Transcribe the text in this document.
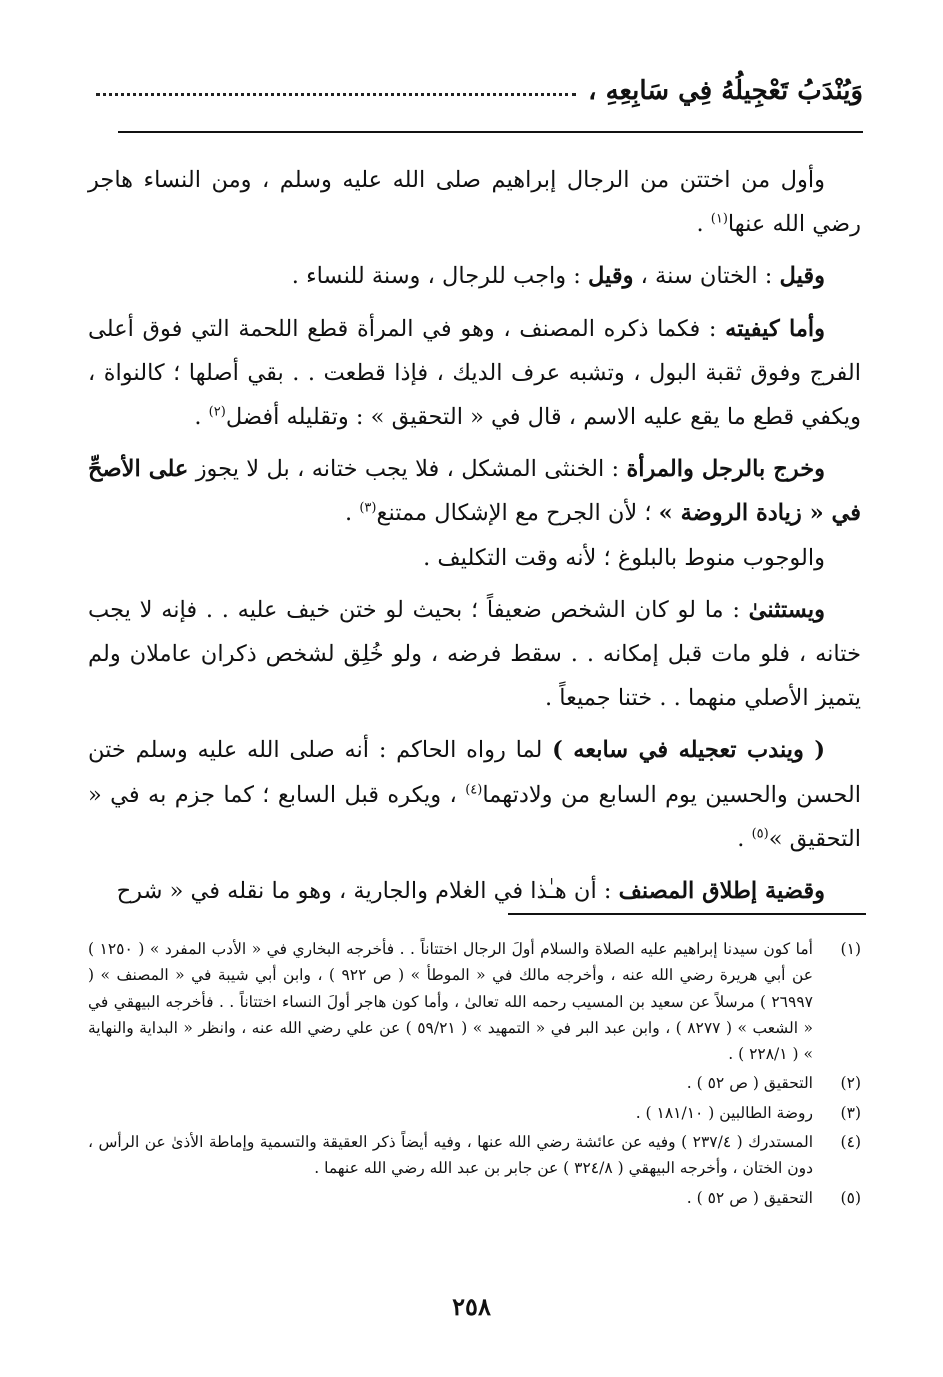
وَيُنْدَبُ تَعْجِيلُهُ فِي سَابِعِهِ ،

وأول من اختتن من الرجال إبراهيم صلى الله عليه وسلم ، ومن النساء هاجر رضي الله عنها$^{(١)}$ .

وقيل : الختان سنة ، وقيل : واجب للرجال ، وسنة للنساء .

وأما كيفيته : فكما ذكره المصنف ، وهو في المرأة قطع اللحمة التي فوق أعلى الفرج وفوق ثقبة البول ، وتشبه عرف الديك ، فإذا قطعت . . بقي أصلها ؛ كالنواة ، ويكفي قطع ما يقع عليه الاسم ، قال في « التحقيق » : وتقليله أفضل$^{(٢)}$ .

وخرج بالرجل والمرأة : الخنثى المشكل ، فلا يجب ختانه ، بل لا يجوز على الأصحِّ في « زيادة الروضة » ؛ لأن الجرح مع الإشكال ممتنع$^{(٣)}$ .

والوجوب منوط بالبلوغ ؛ لأنه وقت التكليف .

ويستثنىٰ : ما لو كان الشخص ضعيفاً ؛ بحيث لو ختن خيف عليه . . فإنه لا يجب ختانه ، فلو مات قبل إمكانه . . سقط فرضه ، ولو خُلِق لشخص ذكران عاملان ولم يتميز الأصلي منهما . . ختنا جميعاً .

( ويندب تعجيله في سابعه ) لما رواه الحاكم : أنه صلى الله عليه وسلم ختن الحسن والحسين يوم السابع من ولادتهما$^{(٤)}$ ، ويكره قبل السابع ؛ كما جزم به في « التحقيق »$^{(٥)}$ .

وقضية إطلاق المصنف : أن هـٰذا في الغلام والجارية ، وهو ما نقله في « شرح

(١)
أما كون سيدنا إبراهيم عليه الصلاة والسلام أولَ الرجال اختتاناً . . فأخرجه البخاري في « الأدب المفرد » ( ١٢٥٠ ) عن أبي هريرة رضي الله عنه ، وأخرجه مالك في « الموطأ » ( ص ٩٢٢ ) ، وابن أبي شيبة في « المصنف » ( ٢٦٩٩٧ ) مرسلاً عن سعيد بن المسيب رحمه الله تعالىٰ ، وأما كون هاجر أولَ النساء اختتاناً . . فأخرجه البيهقي في « الشعب » ( ٨٢٧٧ ) ، وابن عبد البر في « التمهيد » ( ٥٩/٢١ ) عن علي رضي الله عنه ، وانظر « البداية والنهاية » ( ٢٢٨/١ ) .

(٢)
التحقيق ( ص ٥٢ ) .

(٣)
روضة الطالبين ( ١٨١/١٠ ) .

(٤)
المستدرك ( ٢٣٧/٤ ) وفيه عن عائشة رضي الله عنها ، وفيه أيضاً ذكر العقيقة والتسمية وإماطة الأذىٰ عن الرأس ، دون الختان ، وأخرجه البيهقي ( ٣٢٤/٨ ) عن جابر بن عبد الله رضي الله عنهما .

(٥)
التحقيق ( ص ٥٢ ) .

٢٥٨
